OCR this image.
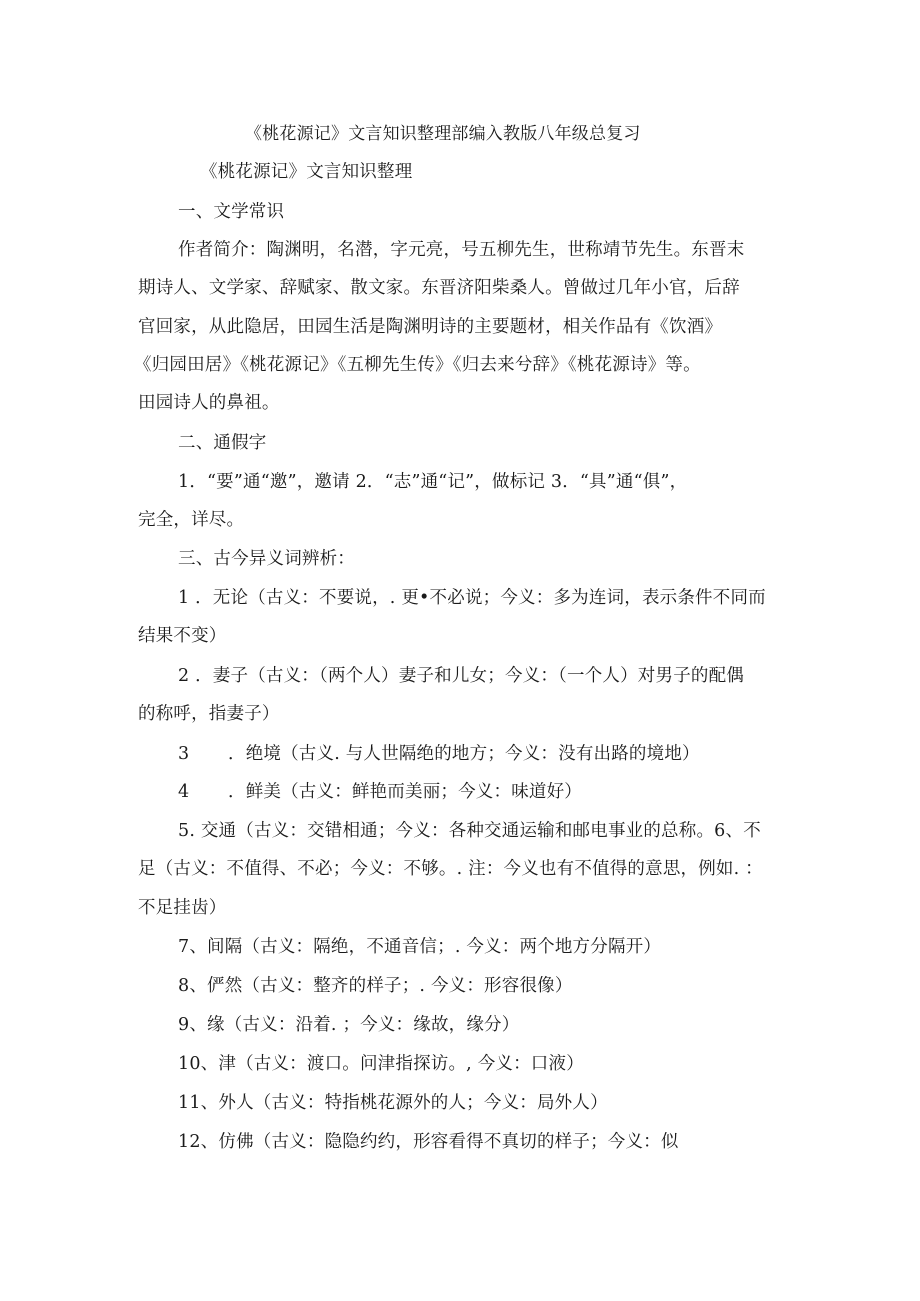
《桃花源记》文言知识整理部编入教版八年级总复习
《桃花源记》文言知识整理
一、文学常识
作者简介：陶渊明，名潜，字元亮，号五柳先生，世称靖节先生。东晋末
期诗人、文学家、辞赋家、散文家。东晋济阳柴桑人。曾做过几年小官，后辞
官回家，从此隐居，田园生活是陶渊明诗的主要题材，相关作品有《饮酒》
《归园田居》《桃花源记》《五柳先生传》《归去来兮辞》《桃花源诗》等。
田园诗人的鼻祖。
二、通假字
1．“要”通“邀”，邀请 2．“志”通“记”，做标记 3．“具”通“俱”，
完全，详尽。
三、古今异义词辨析：
1 ．无论（古义：不要说，. 更•不必说；今义：多为连词，表示条件不同而
结果不变）
2 ．妻子（古义：（两个人）妻子和儿女；今义：（一个人）对男子的配偶
的称呼，指妻子）
3 ．绝境（古义. 与人世隔绝的地方；今义：没有出路的境地）
4 ．鲜美（古义：鲜艳而美丽；今义：味道好）
5. 交通（古义：交错相通；今义：各种交通运输和邮电事业的总称。6、不
足（古义：不值得、不必；今义：不够。. 注：今义也有不值得的意思，例如. ：
不足挂齿）
7、间隔（古义：隔绝，不通音信；. 今义：两个地方分隔开）
8、俨然（古义：整齐的样子；. 今义：形容很像）
9、缘（古义：沿着. ；今义：缘故，缘分）
10、津（古义：渡口。问津指探访。, 今义：口液）
11、外人（古义：特指桃花源外的人；今义：局外人）
12、仿佛（古义：隐隐约约，形容看得不真切的样子；今义：似
